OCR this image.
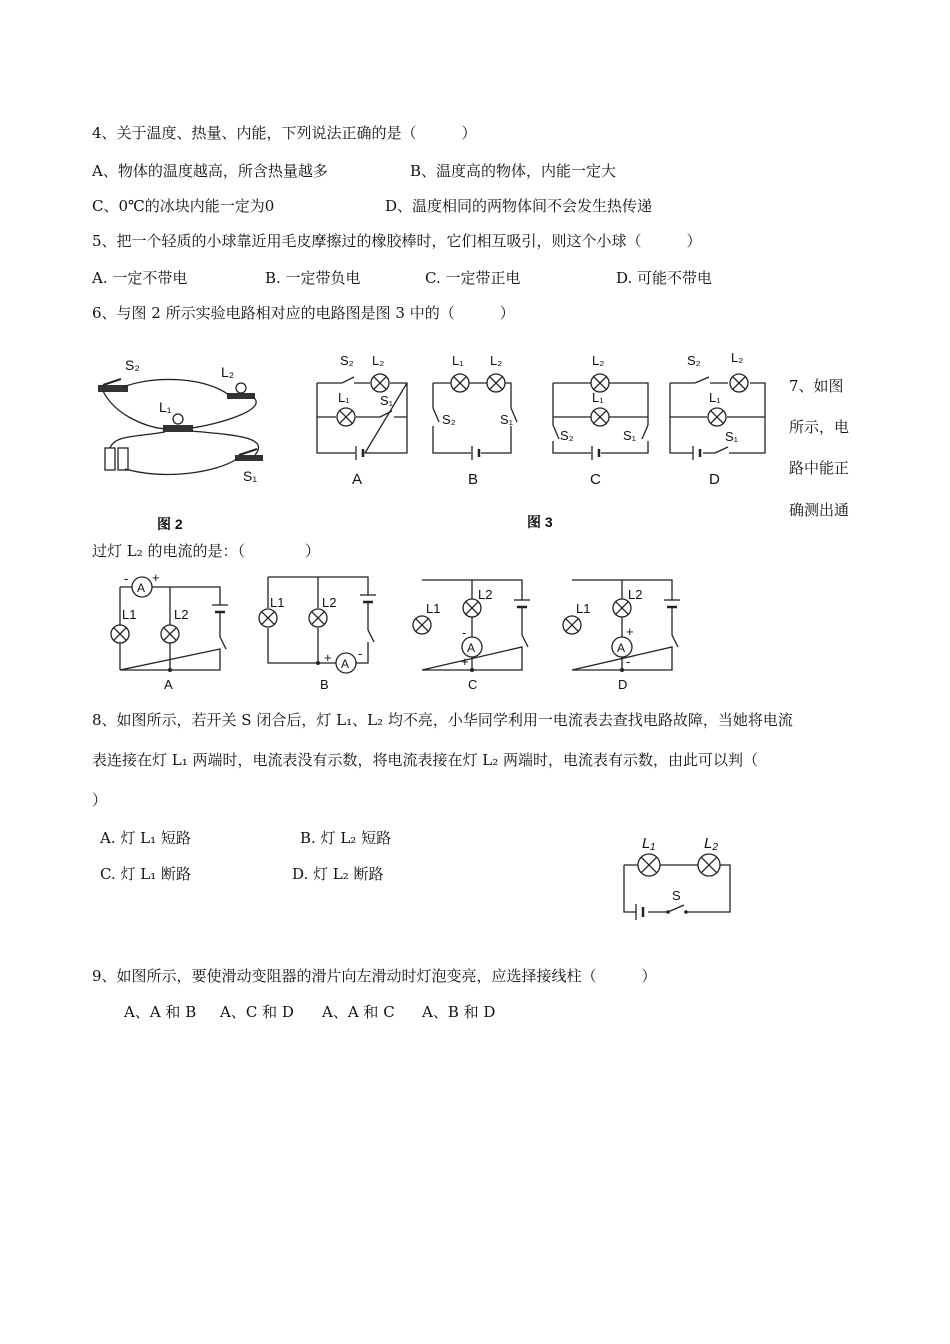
4、关于温度、热量、内能，下列说法正确的是（　　　）
A、物体的温度越高，所含热量越多	B、温度高的物体，内能一定大
C、0℃的冰块内能一定为0	D、温度相同的两物体间不会发生热传递
5、把一个轻质的小球靠近用毛皮摩擦过的橡胶棒时，它们相互吸引，则这个小球（　　　）
A. 一定不带电	B. 一定带负电	C. 一定带正电	D. 可能不带电
6、与图 2 所示实验电路相对应的电路图是图 3 中的（　　　）
S₂	L₂
L₁
S₁
图 2
S₂ L₂
L₁ S₁
A
L₁ L₂
S₂	S₁
B
L₂
L₁
S₂	S₁
C
S₂ L₂
L₁
S₁
D
图 3
7、如图
所示，电
路中能正
确测出通
过灯 L₂ 的电流的是：（　　　　）
A
- +
L1	L2
A
A
+ -
L1	L2
B
A
-
+
L1
L2
C
A
+
-
L1
L2
D
8、如图所示，若开关 S 闭合后，灯 L₁、L₂ 均不亮，小华同学利用一电流表去查找电路故障，当她将电流
表连接在灯 L₁ 两端时，电流表没有示数，将电流表接在灯 L₂ 两端时，电流表有示数，由此可以判（
）
A. 灯 L₁ 短路	B. 灯 L₂ 短路
C. 灯 L₁ 断路	D. 灯 L₂ 断路
L₁	L₂
S
9、如图所示，要使滑动变阻器的滑片向左滑动时灯泡变亮，应选择接线柱（　　　）
A、A 和 B A、C 和 D A、A 和 C A、B 和 D
